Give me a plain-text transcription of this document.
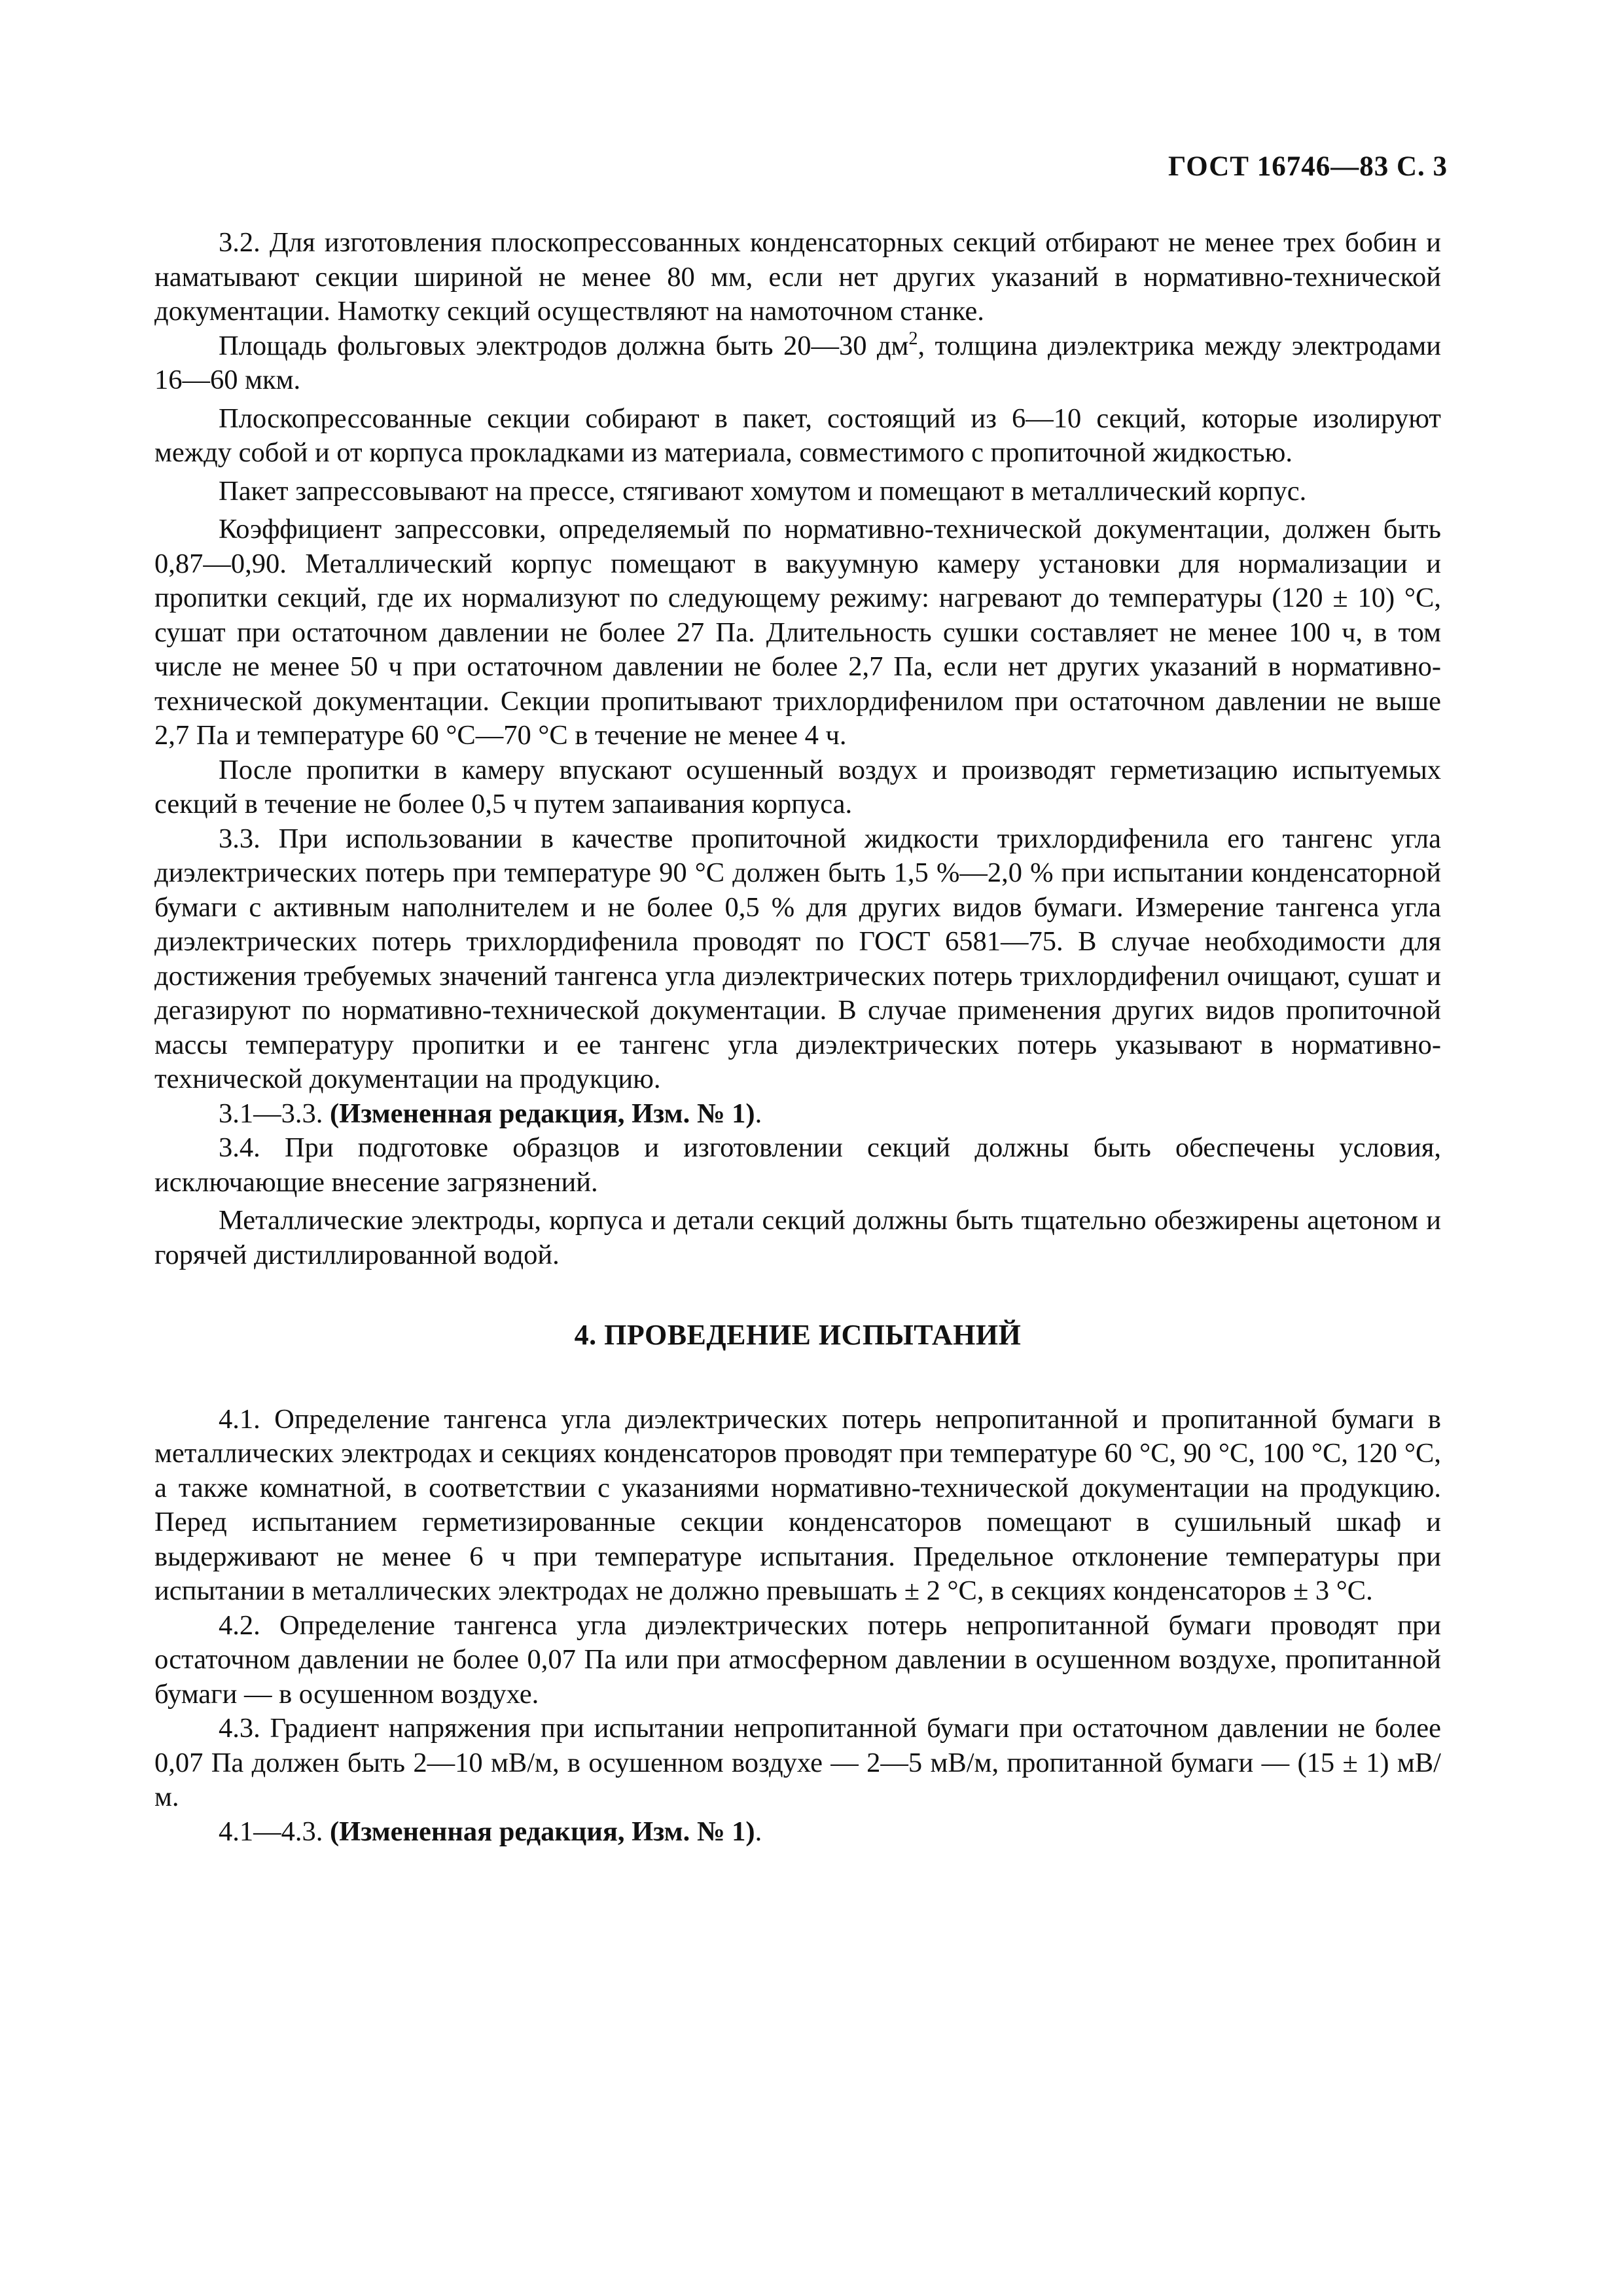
ГОСТ 16746—83 С. 3

3.2. Для изготовления плоскопрессованных конденсаторных секций отбирают не менее трех бобин и наматывают секции шириной не менее 80 мм, если нет других указаний в нормативно-технической документации. Намотку секций осуществляют на намоточном станке.

Площадь фольговых электродов должна быть 20—30 $дм^2$, толщина диэлектрика между электродами 16—60 мкм.

Плоскопрессованные секции собирают в пакет, состоящий из 6—10 секций, которые изолируют между собой и от корпуса прокладками из материала, совместимого с пропиточной жидкостью.

Пакет запрессовывают на прессе, стягивают хомутом и помещают в металлический корпус.

Коэффициент запрессовки, определяемый по нормативно-технической документации, должен быть 0,87—0,90. Металлический корпус помещают в вакуумную камеру установки для нормализации и пропитки секций, где их нормализуют по следующему режиму: нагревают до температуры (120 ± 10) °С, сушат при остаточном давлении не более 27 Па. Длительность сушки составляет не менее 100 ч, в том числе не менее 50 ч при остаточном давлении не более 2,7 Па, если нет других указаний в нормативно-технической документации. Секции пропитывают трихлордифенилом при остаточном давлении не выше 2,7 Па и температуре 60 °С—70 °С в течение не менее 4 ч.

После пропитки в камеру впускают осушенный воздух и производят герметизацию испытуемых секций в течение не более 0,5 ч путем запаивания корпуса.

3.3. При использовании в качестве пропиточной жидкости трихлордифенила его тангенс угла диэлектрических потерь при температуре 90 °С должен быть 1,5 %—2,0 % при испытании конденсаторной бумаги с активным наполнителем и не более 0,5 % для других видов бумаги. Измерение тангенса угла диэлектрических потерь трихлордифенила проводят по ГОСТ 6581—75. В случае необходимости для достижения требуемых значений тангенса угла диэлектрических потерь трихлордифенил очищают, сушат и дегазируют по нормативно-технической документации. В случае применения других видов пропиточной массы температуру пропитки и ее тангенс угла диэлектрических потерь указывают в нормативно-технической документации на продукцию.

3.1—3.3. (Измененная редакция, Изм. № 1).

3.4. При подготовке образцов и изготовлении секций должны быть обеспечены условия, исключающие внесение загрязнений.

Металлические электроды, корпуса и детали секций должны быть тщательно обезжирены ацетоном и горячей дистиллированной водой.

4. ПРОВЕДЕНИЕ ИСПЫТАНИЙ

4.1. Определение тангенса угла диэлектрических потерь непропитанной и пропитанной бумаги в металлических электродах и секциях конденсаторов проводят при температуре 60 °С, 90 °С, 100 °С, 120 °С, а также комнатной, в соответствии с указаниями нормативно-технической документации на продукцию. Перед испытанием герметизированные секции конденсаторов помещают в сушильный шкаф и выдерживают не менее 6 ч при температуре испытания. Предельное отклонение температуры при испытании в металлических электродах не должно превышать ± 2 °С, в секциях конденсаторов ± 3 °С.

4.2. Определение тангенса угла диэлектрических потерь непропитанной бумаги проводят при остаточном давлении не более 0,07 Па или при атмосферном давлении в осушенном воздухе, пропитанной бумаги — в осушенном воздухе.

4.3. Градиент напряжения при испытании непропитанной бумаги при остаточном давлении не более 0,07 Па должен быть 2—10 мВ/м, в осушенном воздухе — 2—5 мВ/м, пропитанной бумаги — (15 ± 1) мВ/м.

4.1—4.3. (Измененная редакция, Изм. № 1).
